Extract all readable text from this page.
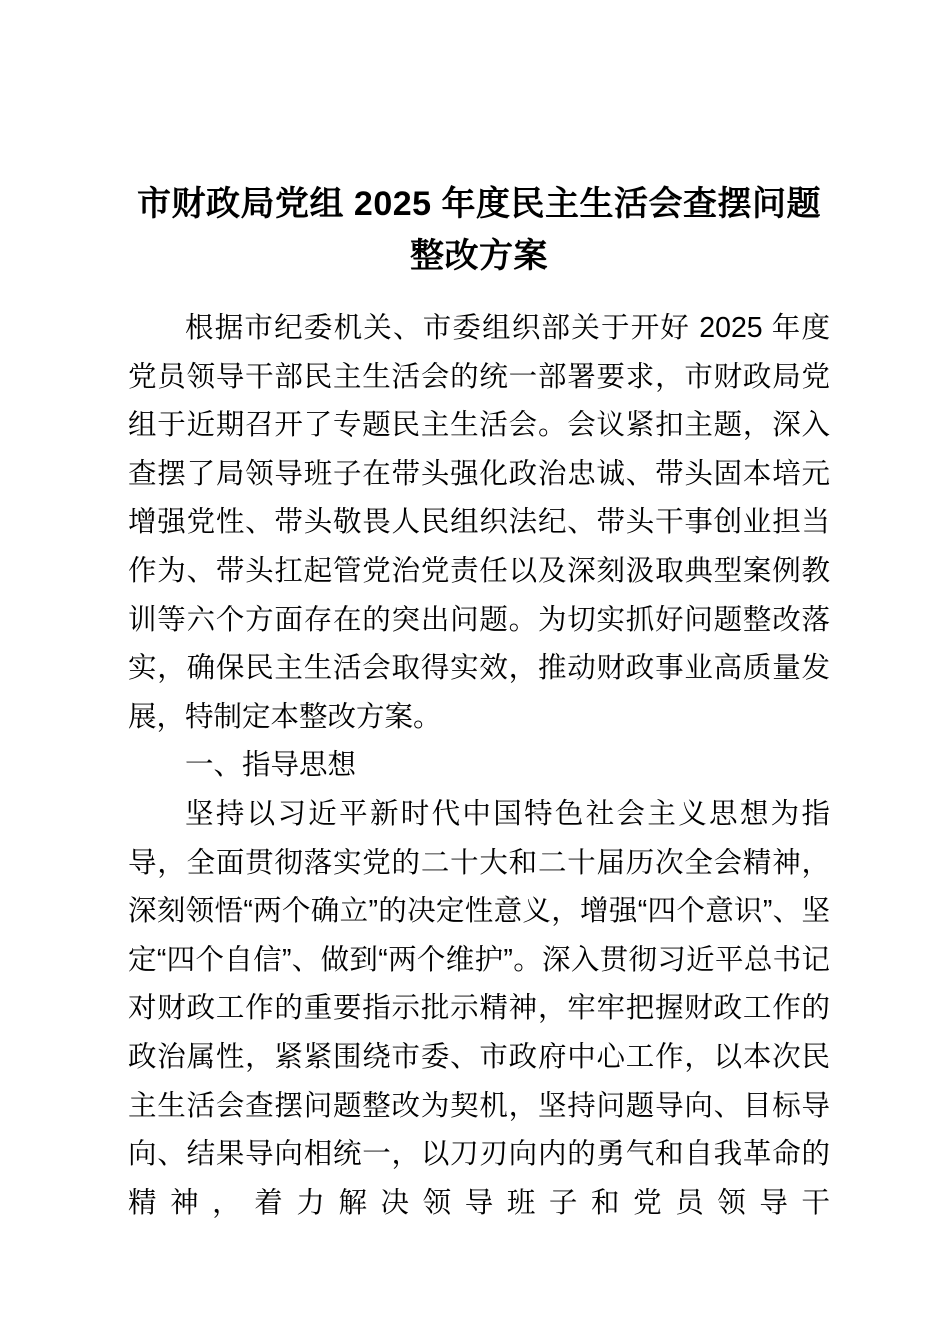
市财政局党组 2025 年度民主生活会查摆问题整改方案

根据市纪委机关、市委组织部关于开好 2025 年度党员领导干部民主生活会的统一部署要求，市财政局党组于近期召开了专题民主生活会。会议紧扣主题，深入查摆了局领导班子在带头强化政治忠诚、带头固本培元增强党性、带头敬畏人民组织法纪、带头干事创业担当作为、带头扛起管党治党责任以及深刻汲取典型案例教训等六个方面存在的突出问题。为切实抓好问题整改落实，确保民主生活会取得实效，推动财政事业高质量发展，特制定本整改方案。

一、指导思想

坚持以习近平新时代中国特色社会主义思想为指导，全面贯彻落实党的二十大和二十届历次全会精神，深刻领悟“两个确立”的决定性意义，增强“四个意识”、坚定“四个自信”、做到“两个维护”。深入贯彻习近平总书记对财政工作的重要指示批示精神，牢牢把握财政工作的政治属性，紧紧围绕市委、市政府中心工作，以本次民主生活会查摆问题整改为契机，坚持问题导向、目标导向、结果导向相统一，以刀刃向内的勇气和自我革命的精神，着力解决领导班子和党员领导干
